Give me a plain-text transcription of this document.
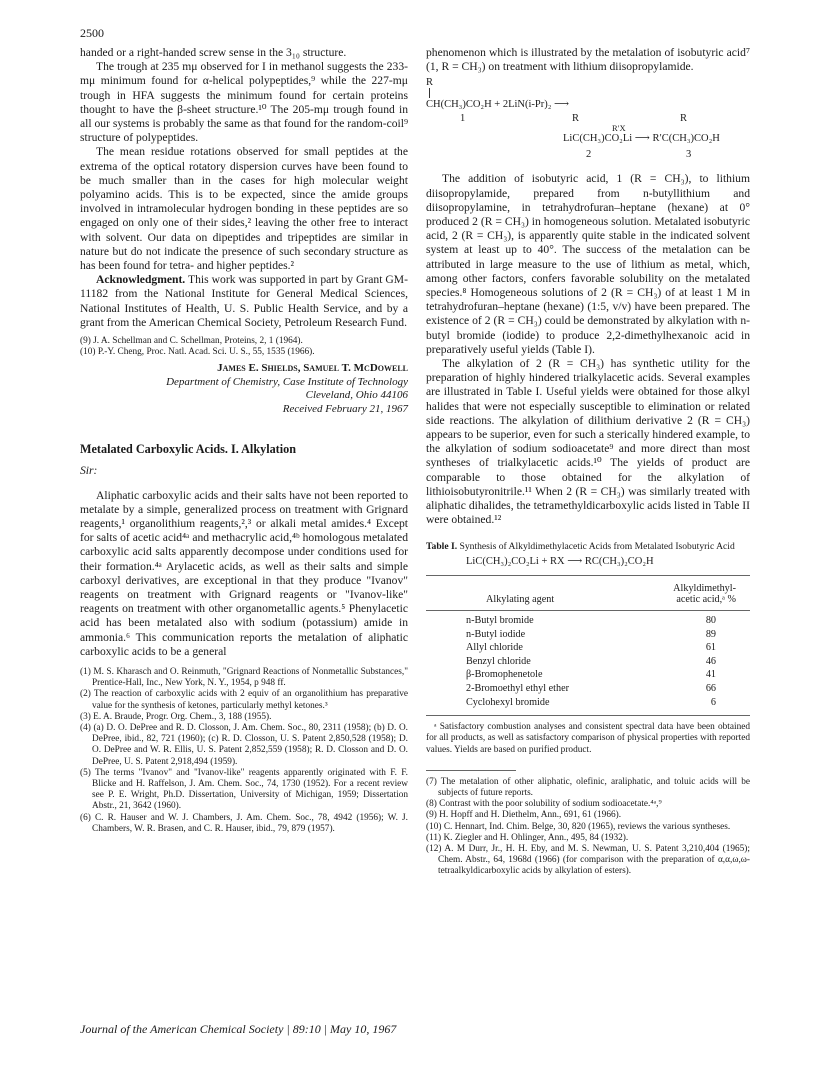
2500

handed or a right-handed screw sense in the 3₁₀ structure.

The trough at 235 mμ observed for I in methanol suggests the 233-mμ minimum found for α-helical polypeptides,⁹ while the 227-mμ trough in HFA suggests the minimum found for certain proteins thought to have the β-sheet structure.¹⁰ The 205-mμ trough found in all our systems is probably the same as that found for the random-coil⁹ structure of polypeptides.

The mean residue rotations observed for small peptides at the extrema of the optical rotatory dispersion curves have been found to be much smaller than in the cases for high molecular weight polyamino acids. This is to be expected, since the amide groups involved in intramolecular hydrogen bonding in these peptides are so engaged on only one of their sides,² leaving the other free to interact with solvent. Our data on dipeptides and tripeptides are similar in nature but do not indicate the presence of such secondary structure as has been found for tetra- and higher peptides.²

Acknowledgment. This work was supported in part by Grant GM-11182 from the National Institute for General Medical Sciences, National Institutes of Health, U. S. Public Health Service, and by a grant from the American Chemical Society, Petroleum Research Fund.

(9) J. A. Schellman and C. Schellman, Proteins, 2, 1 (1964).

(10) P.-Y. Cheng, Proc. Natl. Acad. Sci. U. S., 55, 1535 (1966).

James E. Shields, Samuel T. McDowell
Department of Chemistry, Case Institute of Technology
Cleveland, Ohio 44106
Received February 21, 1967
Metalated Carboxylic Acids. I. Alkylation
Sir:

Aliphatic carboxylic acids and their salts have not been reported to metalate by a simple, generalized process on treatment with Grignard reagents,¹ organolithium reagents,²,³ or alkali metal amides.⁴ Except for salts of acetic acid⁴ᵃ and methacrylic acid,⁴ᵇ homologous metalated carboxylic acid salts apparently decompose under conditions used for their formation.⁴ᵃ Arylacetic acids, as well as their salts and simple carboxyl derivatives, are exceptional in that they produce "Ivanov" reagents on treatment with Grignard reagents or "Ivanov-like" reagents on treatment with other organometallic agents.⁵ Phenylacetic acid has been metalated also with sodium (potassium) amide in ammonia.⁶ This communication reports the metalation of aliphatic carboxylic acids to be a general

(1) M. S. Kharasch and O. Reinmuth, "Grignard Reactions of Nonmetallic Substances," Prentice-Hall, Inc., New York, N. Y., 1954, p 948 ff.

(2) The reaction of carboxylic acids with 2 equiv of an organolithium has preparative value for the synthesis of ketones, particularly methyl ketones.³

(3) E. A. Braude, Progr. Org. Chem., 3, 188 (1955).

(4) (a) D. O. DePree and R. D. Closson, J. Am. Chem. Soc., 80, 2311 (1958); (b) D. O. DePree, ibid., 82, 721 (1960); (c) R. D. Closson, U. S. Patent 2,850,528 (1958); D. O. DePree and W. R. Ellis, U. S. Patent 2,852,559 (1958); R. D. Closson and D. O. DePree, U. S. Patent 2,918,494 (1959).

(5) The terms "Ivanov" and "Ivanov-like" reagents apparently originated with F. F. Blicke and H. Raffelson, J. Am. Chem. Soc., 74, 1730 (1952). For a recent review see P. E. Wright, Ph.D. Dissertation, University of Michigan, 1959; Dissertation Abstr., 21, 3642 (1960).

(6) C. R. Hauser and W. J. Chambers, J. Am. Chem. Soc., 78, 4942 (1956); W. J. Chambers, W. R. Brasen, and C. R. Hauser, ibid., 79, 879 (1957).

phenomenon which is illustrated by the metalation of isobutyric acid⁷ (1, R = CH₃) on treatment with lithium diisopropylamide.

R
CH(CH₃)CO₂H + 2LiN(i-Pr)₂ ⟶
1	R	R
R′X
LiC(CH₃)CO₂Li ⟶ R′C(CH₃)CO₂H
2	3

The addition of isobutyric acid, 1 (R = CH₃), to lithium diisopropylamide, prepared from n-butyllithium and diisopropylamine, in tetrahydrofuran–heptane (hexane) at 0° produced 2 (R = CH₃) in homogeneous solution. Metalated isobutyric acid, 2 (R = CH₃), is apparently quite stable in the indicated solvent system at least up to 40°. The success of the metalation can be attributed in large measure to the use of lithium as metal, which, among other factors, confers favorable solubility on the metalated species.⁸ Homogeneous solutions of 2 (R = CH₃) of at least 1 M in tetrahydrofuran–heptane (hexane) (1:5, v/v) have been prepared. The existence of 2 (R = CH₃) could be demonstrated by alkylation with n-butyl bromide (iodide) to produce 2,2-dimethylhexanoic acid in preparatively useful yields (Table I).

The alkylation of 2 (R = CH₃) has synthetic utility for the preparation of highly hindered trialkylacetic acids. Several examples are illustrated in Table I. Useful yields were obtained for those alkyl halides that were not especially susceptible to elimination or related side reactions. The alkylation of dilithium derivative 2 (R = CH₃) appears to be superior, even for such a sterically hindered example, to the alkylation of sodium sodioacetate⁹ and more direct than most syntheses of trialkylacetic acids.¹⁰ The yields of product are comparable to those obtained for the alkylation of lithioisobutyronitrile.¹¹ When 2 (R = CH₃) was similarly treated with aliphatic dihalides, the tetramethyldicarboxylic acids listed in Table II were obtained.¹²

Table I. Synthesis of Alkyldimethylacetic Acids from Metalated Isobutyric Acid
LiC(CH₃)₂CO₂Li + RX ⟶ RC(CH₃)₂CO₂H
Alkylating agent	Alkyldimethyl-
acetic acid,ᵃ %

n-Butyl bromide	80
n-Butyl iodide	89
Allyl chloride	61
Benzyl chloride	46
β-Bromophenetole	41
2-Bromoethyl ethyl ether	66
Cyclohexyl bromide	6

ᵃ Satisfactory combustion analyses and consistent spectral data have been obtained for all products, as well as satisfactory comparison of physical properties with reported values. Yields are based on purified product.

(7) The metalation of other aliphatic, olefinic, araliphatic, and toluic acids will be subjects of future reports.

(8) Contrast with the poor solubility of sodium sodioacetate.⁴ᵃ,⁹

(9) H. Hopff and H. Diethelm, Ann., 691, 61 (1966).

(10) C. Hennart, Ind. Chim. Belge, 30, 820 (1965), reviews the various syntheses.

(11) K. Ziegler and H. Ohlinger, Ann., 495, 84 (1932).

(12) A. M Durr, Jr., H. H. Eby, and M. S. Newman, U. S. Patent 3,210,404 (1965); Chem. Abstr., 64, 1968d (1966) (for comparison with the preparation of α,α,ω,ω-tetraalkyldicarboxylic acids by alkylation of esters).

Journal of the American Chemical Society | 89:10 | May 10, 1967
